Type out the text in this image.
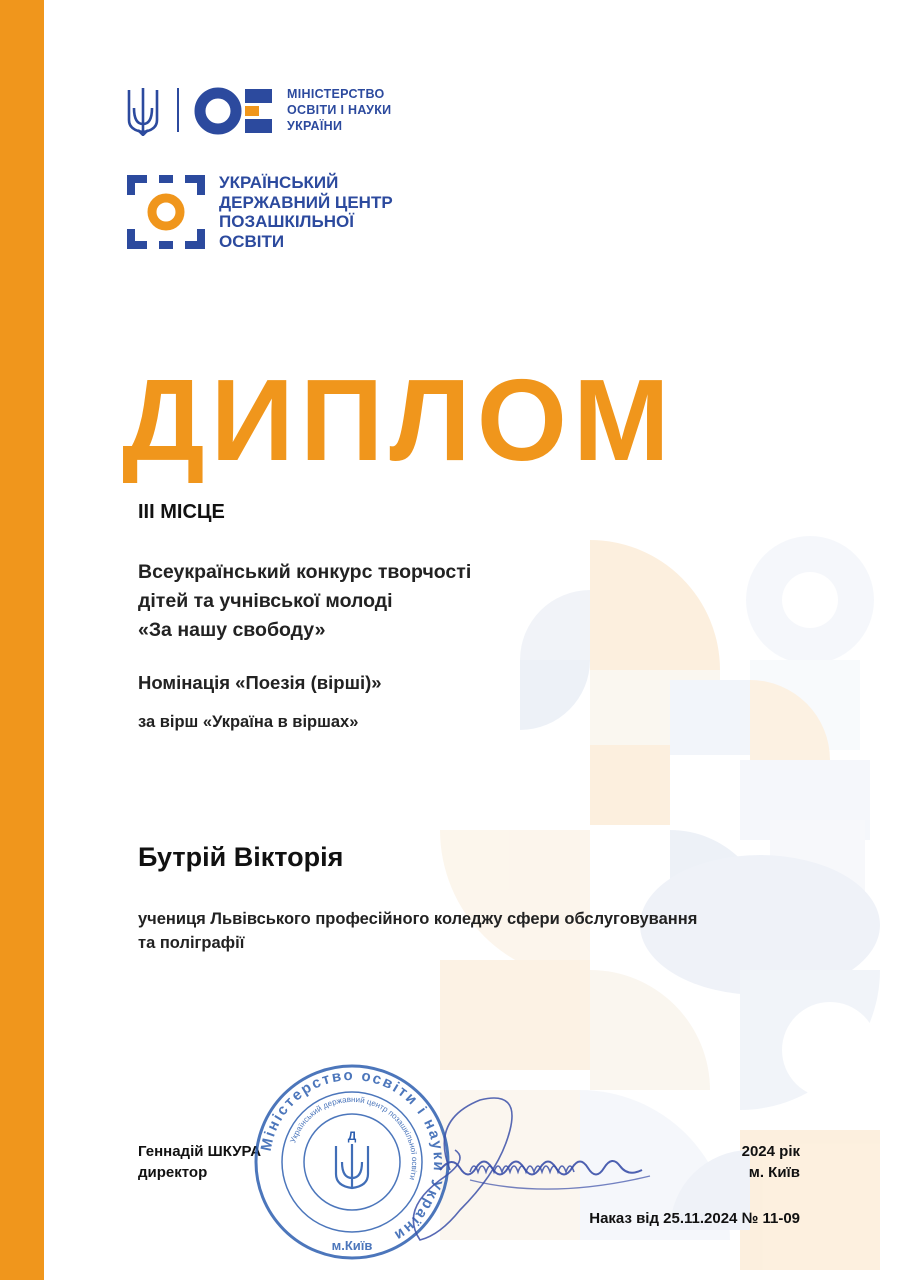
МІНІСТЕРСТВО
ОСВІТИ І НАУКИ
УКРАЇНИ
УКРАЇНСЬКИЙ
ДЕРЖАВНИЙ ЦЕНТР
ПОЗАШКІЛЬНОЇ
ОСВІТИ
ДИПЛОМ
III МІСЦЕ
Всеукраїнський конкурс творчості
дітей та учнівської молоді
«За нашу свободу»
Номінація «Поезія (вірші)»
за вірш «Україна в віршах»
Бутрій Вікторія
учениця Львівського професійного коледжу сфери обслуговування та поліграфії
Геннадій ШКУРА
директор
2024 рік
м. Київ
Наказ від 25.11.2024 № 11-09
Міністерство освіти і науки України
Український державний центр позашкільної освіти
Д
м.Київ
